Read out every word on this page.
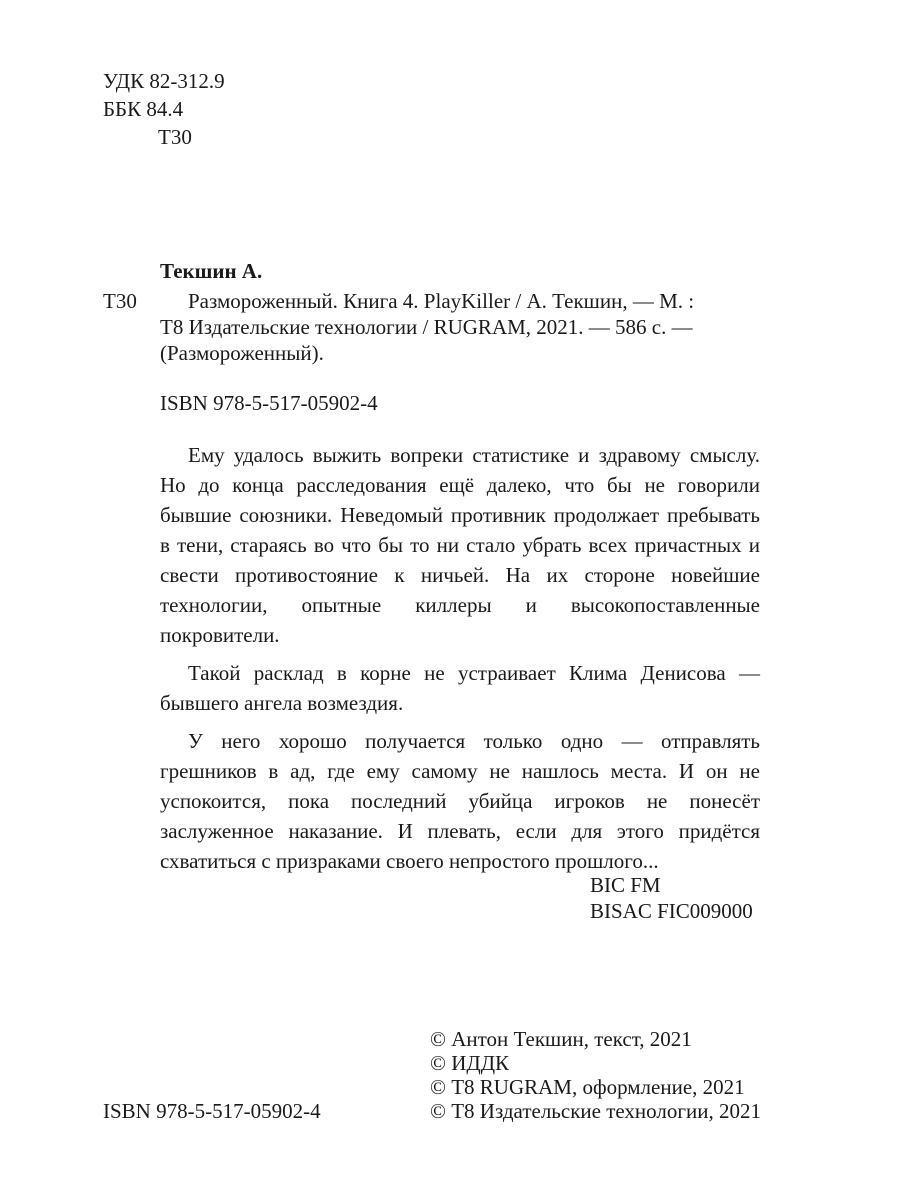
УДК 82-312.9
ББК 84.4
Т30
Текшин А.
Т30 Размороженный. Книга 4. PlayKiller / А. Текшин, — М. :
Т8 Издательские технологии / RUGRAM, 2021. — 586 с. —
(Размороженный).
ISBN 978-5-517-05902-4

Ему удалось выжить вопреки статистике и здравому смыслу. Но до конца расследования ещё далеко, что бы не говорили бывшие союзники. Неведомый противник продолжает пребывать в тени, стараясь во что бы то ни стало убрать всех причастных и свести противостояние к ничьей. На их стороне новейшие технологии, опытные киллеры и высокопоставленные покровители.

Такой расклад в корне не устраивает Клима Денисова — бывшего ангела возмездия.

У него хорошо получается только одно — отправлять грешников в ад, где ему самому не нашлось места. И он не успокоится, пока последний убийца игроков не понесёт заслуженное наказание. И плевать, если для этого придётся схватиться с призраками своего непростого прошлого...

BIC FM
BISAC FIC009000
© Антон Текшин, текст, 2021
© ИДДК
© Т8 RUGRAM, оформление, 2021
© Т8 Издательские технологии, 2021
ISBN 978-5-517-05902-4
